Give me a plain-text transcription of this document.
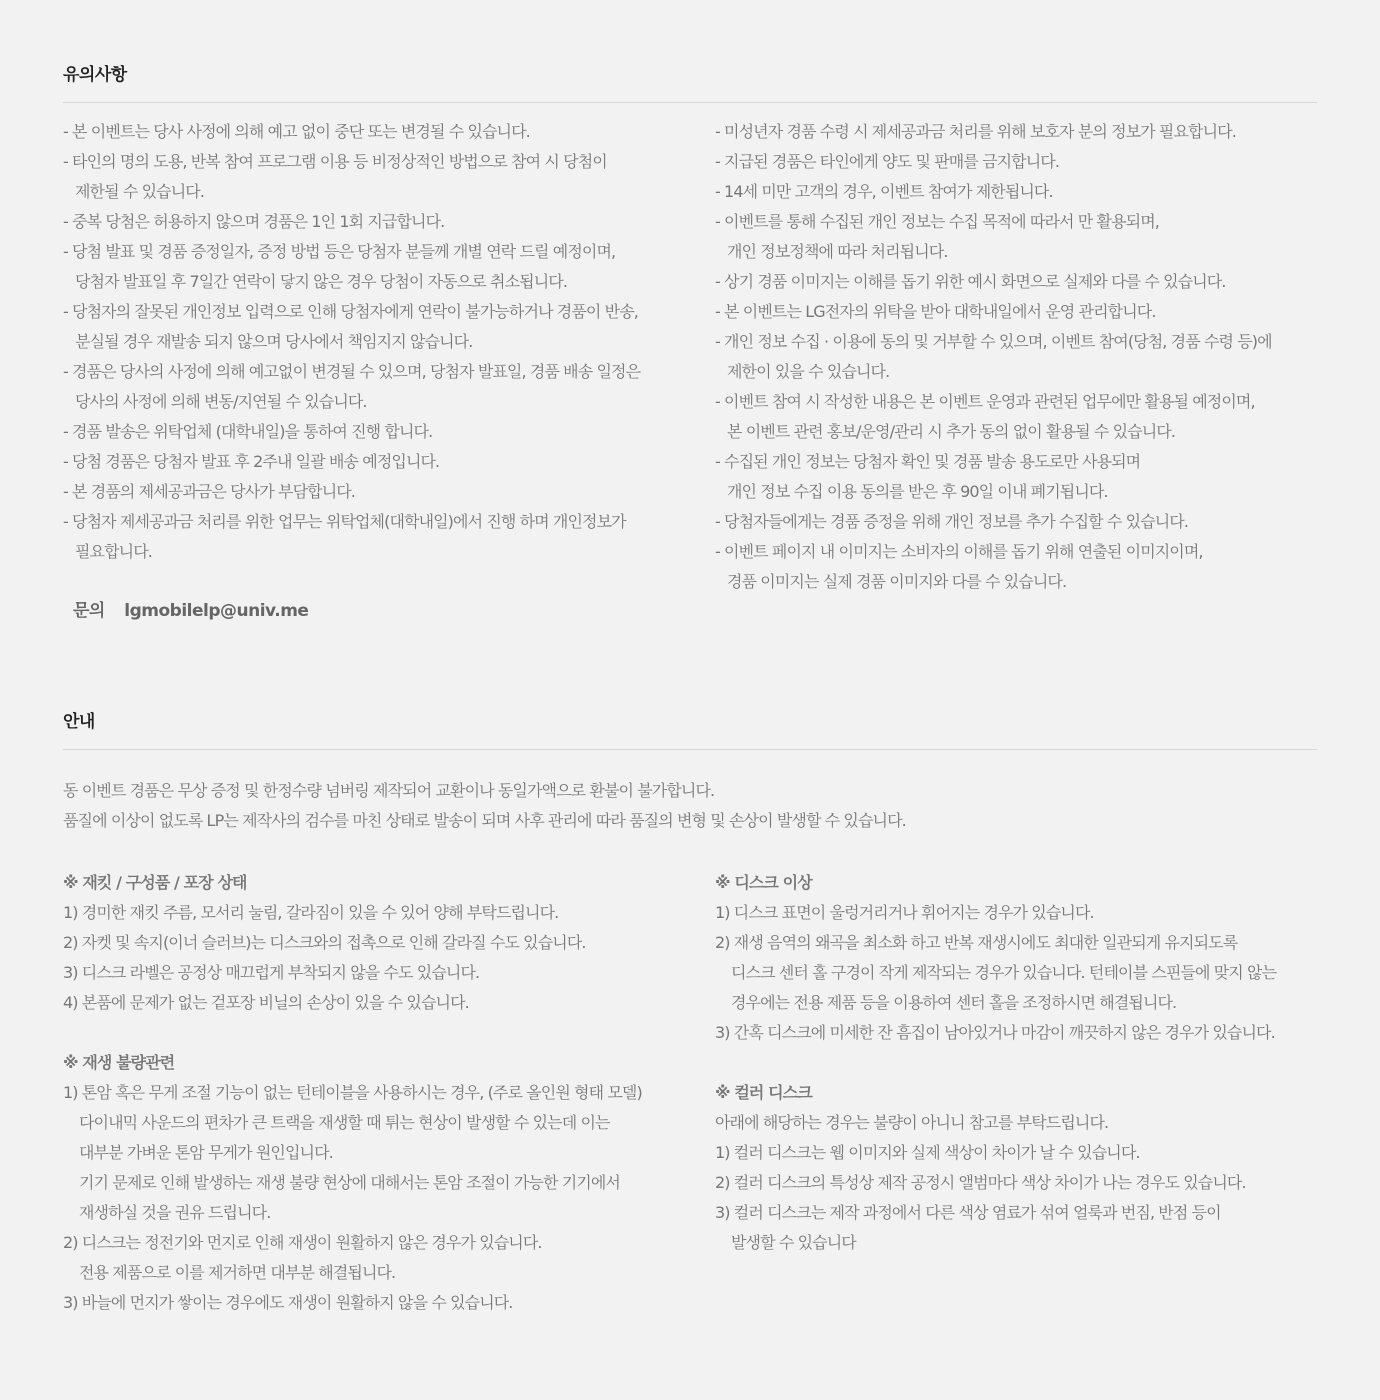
유의사항
- 본 이벤트는 당사 사정에 의해 예고 없이 중단 또는 변경될 수 있습니다.
- 타인의 명의 도용, 반복 참여 프로그램 이용 등 비정상적인 방법으로 참여 시 당첨이
제한될 수 있습니다.
- 중복 당첨은 허용하지 않으며 경품은 1인 1회 지급합니다.
- 당첨 발표 및 경품 증정일자, 증정 방법 등은 당첨자 분들께 개별 연락 드릴 예정이며,
당첨자 발표일 후 7일간 연락이 닿지 않은 경우 당첨이 자동으로 취소됩니다.
- 당첨자의 잘못된 개인정보 입력으로 인해 당첨자에게 연락이 불가능하거나 경품이 반송,
분실될 경우 재발송 되지 않으며 당사에서 책임지지 않습니다.
- 경품은 당사의 사정에 의해 예고없이 변경될 수 있으며, 당첨자 발표일, 경품 배송 일정은
당사의 사정에 의해 변동/지연될 수 있습니다.
- 경품 발송은 위탁업체 (대학내일)을 통하여 진행 합니다.
- 당첨 경품은 당첨자 발표 후 2주내 일괄 배송 예정입니다.
- 본 경품의 제세공과금은 당사가 부담합니다.
- 당첨자 제세공과금 처리를 위한 업무는 위탁업체(대학내일)에서 진행 하며 개인정보가
필요합니다.
문의 lgmobilelp@univ.me
- 미성년자 경품 수령 시 제세공과금 처리를 위해 보호자 분의 정보가 필요합니다.
- 지급된 경품은 타인에게 양도 및 판매를 금지합니다.
- 14세 미만 고객의 경우, 이벤트 참여가 제한됩니다.
- 이벤트를 통해 수집된 개인 정보는 수집 목적에 따라서 만 활용되며,
개인 정보정책에 따라 처리됩니다.
- 상기 경품 이미지는 이해를 돕기 위한 예시 화면으로 실제와 다를 수 있습니다.
- 본 이벤트는 LG전자의 위탁을 받아 대학내일에서 운영 관리합니다.
- 개인 정보 수집 · 이용에 동의 및 거부할 수 있으며, 이벤트 참여(당첨, 경품 수령 등)에
제한이 있을 수 있습니다.
- 이벤트 참여 시 작성한 내용은 본 이벤트 운영과 관련된 업무에만 활용될 예정이며,
본 이벤트 관련 홍보/운영/관리 시 추가 동의 없이 활용될 수 있습니다.
- 수집된 개인 정보는 당첨자 확인 및 경품 발송 용도로만 사용되며
개인 정보 수집 이용 동의를 받은 후 90일 이내 폐기됩니다.
- 당첨자들에게는 경품 증정을 위해 개인 정보를 추가 수집할 수 있습니다.
- 이벤트 페이지 내 이미지는 소비자의 이해를 돕기 위해 연출된 이미지이며,
경품 이미지는 실제 경품 이미지와 다를 수 있습니다.
안내
동 이벤트 경품은 무상 증정 및 한정수량 넘버링 제작되어 교환이나 동일가액으로 환불이 불가합니다.
품질에 이상이 없도록 LP는 제작사의 검수를 마친 상태로 발송이 되며 사후 관리에 따라 품질의 변형 및 손상이 발생할 수 있습니다.
※ 재킷 / 구성품 / 포장 상태
1) 경미한 재킷 주름, 모서리 눌림, 갈라짐이 있을 수 있어 양해 부탁드립니다.
2) 자켓 및 속지(이너 슬러브)는 디스크와의 접촉으로 인해 갈라질 수도 있습니다.
3) 디스크 라벨은 공정상 매끄럽게 부착되지 않을 수도 있습니다.
4) 본품에 문제가 없는 겉포장 비닐의 손상이 있을 수 있습니다.
※ 재생 불량관련
1) 톤암 혹은 무게 조절 기능이 없는 턴테이블을 사용하시는 경우, (주로 올인원 형태 모델)
다이내믹 사운드의 편차가 큰 트랙을 재생할 때 튀는 현상이 발생할 수 있는데 이는
대부분 가벼운 톤암 무게가 원인입니다.
기기 문제로 인해 발생하는 재생 불량 현상에 대해서는 톤암 조절이 가능한 기기에서
재생하실 것을 권유 드립니다.
2) 디스크는 정전기와 먼지로 인해 재생이 원활하지 않은 경우가 있습니다.
전용 제품으로 이를 제거하면 대부분 해결됩니다.
3) 바늘에 먼지가 쌓이는 경우에도 재생이 원활하지 않을 수 있습니다.
※ 디스크 이상
1) 디스크 표면이 울렁거리거나 휘어지는 경우가 있습니다.
2) 재생 음역의 왜곡을 최소화 하고 반복 재생시에도 최대한 일관되게 유지되도록
디스크 센터 홀 구경이 작게 제작되는 경우가 있습니다. 턴테이블 스핀들에 맞지 않는
경우에는 전용 제품 등을 이용하여 센터 홀을 조정하시면 해결됩니다.
3) 간혹 디스크에 미세한 잔 흠집이 남아있거나 마감이 깨끗하지 않은 경우가 있습니다.
※ 컬러 디스크
아래에 해당하는 경우는 불량이 아니니 참고를 부탁드립니다.
1) 컬러 디스크는 웹 이미지와 실제 색상이 차이가 날 수 있습니다.
2) 컬러 디스크의 특성상 제작 공정시 앨범마다 색상 차이가 나는 경우도 있습니다.
3) 컬러 디스크는 제작 과정에서 다른 색상 염료가 섞여 얼룩과 번짐, 반점 등이
발생할 수 있습니다
